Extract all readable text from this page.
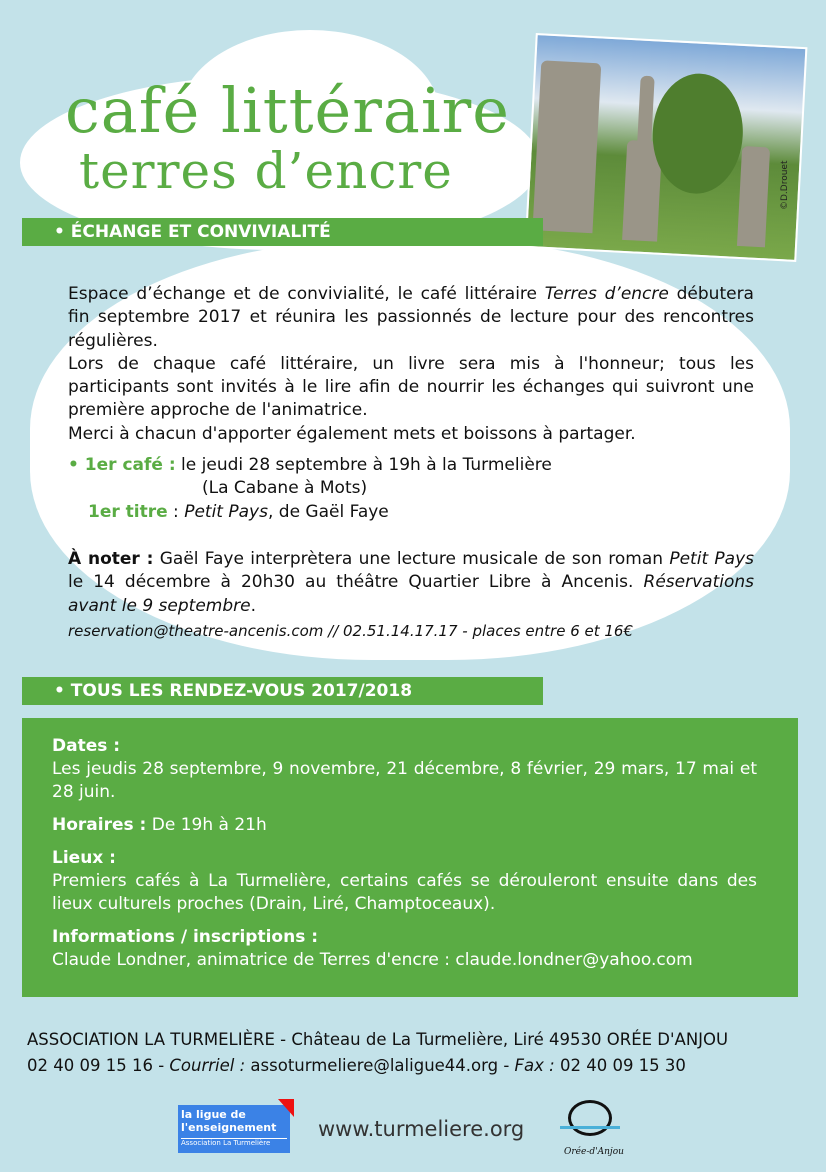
café littéraire
terres d’encre	©D.Drouet
• ÉCHANGE ET CONVIVIALITÉ

Espace d’échange et de convivialité, le café littéraire Terres d’encre débutera fin septembre 2017 et réunira les passionnés de lecture pour des rencontres régulières.

Lors de chaque café littéraire, un livre sera mis à l'honneur; tous les participants sont invités à le lire afin de nourrir les échanges qui suivront une première approche de l'animatrice.

Merci à chacun d'apporter également mets et boissons à partager.

• 1er café : le jeudi 28 septembre à 19h à la Turmelière
(La Cabane à Mots)
1er titre : Petit Pays, de Gaël Faye

À noter : Gaël Faye interprètera une lecture musicale de son roman Petit Pays le 14 décembre à 20h30 au théâtre Quartier Libre à Ancenis. Réservations avant le 9 septembre.

reservation@theatre-ancenis.com // 02.51.14.17.17 - places entre 6 et 16€

• TOUS LES RENDEZ-VOUS 2017/2018
Dates :

Les jeudis 28 septembre, 9 novembre, 21 décembre, 8 février, 29 mars, 17 mai et 28 juin.

Horaires : De 19h à 21h
Lieux :

Premiers cafés à La Turmelière, certains cafés se dérouleront ensuite dans des lieux culturels proches (Drain, Liré, Champtoceaux).

Informations / inscriptions :

Claude Londner, animatrice de Terres d'encre : claude.londner@yahoo.com

ASSOCIATION LA TURMELIÈRE - Château de La Turmelière, Liré 49530 ORÉE D'ANJOU
02 40 09 15 16 - Courriel : assoturmeliere@laligue44.org - Fax : 02 40 09 15 30
la ligue de l'enseignement
Association La Turmelière
www.turmeliere.org
Orée-d'Anjou
